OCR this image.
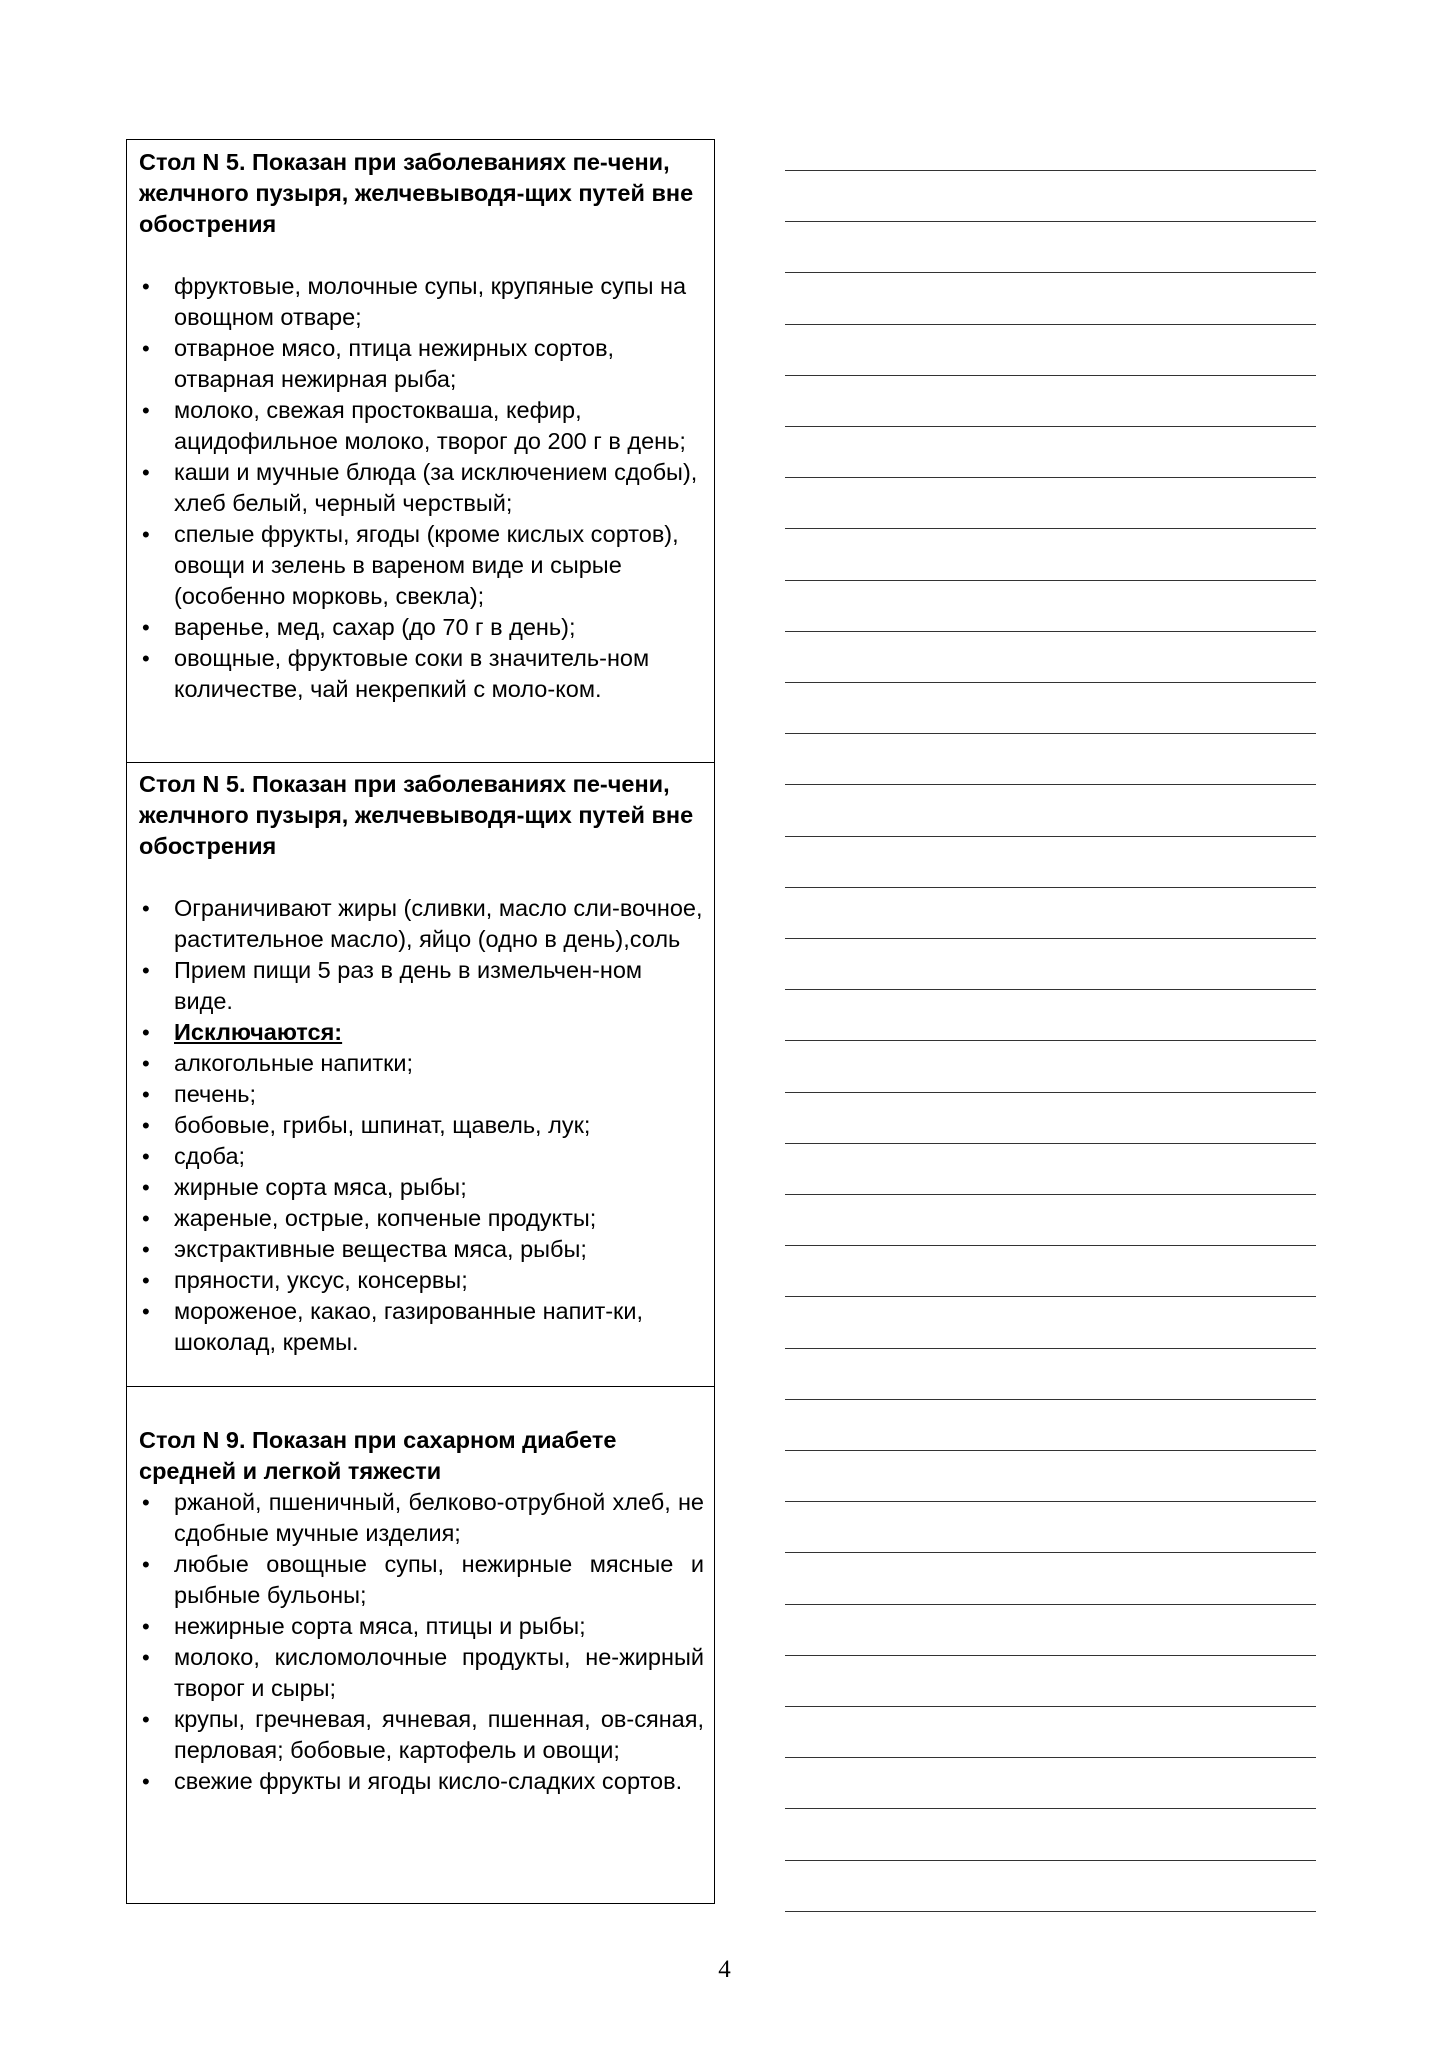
Стол N 5. Показан при заболеваниях пе-чени, желчного пузыря, желчевыводя-щих путей вне обострения
• фруктовые, молочные супы, крупяные супы на овощном отваре;
• отварное мясо, птица нежирных сортов, отварная нежирная рыба;
• молоко, свежая простокваша, кефир, ацидофильное молоко, творог до 200 г в день;
• каши и мучные блюда (за исключением сдобы), хлеб белый, черный черствый;
• спелые фрукты, ягоды (кроме кислых сортов), овощи и зелень в вареном виде и сырые (особенно морковь, свекла);
• варенье, мед, сахар (до 70 г в день);
• овощные, фруктовые соки в значитель-ном количестве, чай некрепкий с моло-ком.
Стол N 5. Показан при заболеваниях пе-чени, желчного пузыря, желчевыводя-щих путей вне обострения
• Ограничивают жиры (сливки, масло сли-вочное, растительное масло), яйцо (одно в день),соль
• Прием пищи 5 раз в день в измельчен-ном виде.
• Исключаются:
• алкогольные напитки;
• печень;
• бобовые, грибы, шпинат, щавель, лук;
• сдоба;
• жирные сорта мяса, рыбы;
• жареные, острые, копченые продукты;
• экстрактивные вещества мяса, рыбы;
• пряности, уксус, консервы;
• мороженое, какао, газированные напит-ки, шоколад, кремы.
Стол N 9. Показан при сахарном диабете средней и легкой тяжести
• ржаной, пшеничный, белково-отрубной хлеб, не сдобные мучные изделия;
• любые овощные супы, нежирные мясные и рыбные бульоны;
• нежирные сорта мяса, птицы и рыбы;
• молоко, кисломолочные продукты, не-жирный творог и сыры;
• крупы, гречневая, ячневая, пшенная, ов-сяная, перловая; бобовые, картофель и овощи;
• свежие фрукты и ягоды кисло-сладких сортов.
4
